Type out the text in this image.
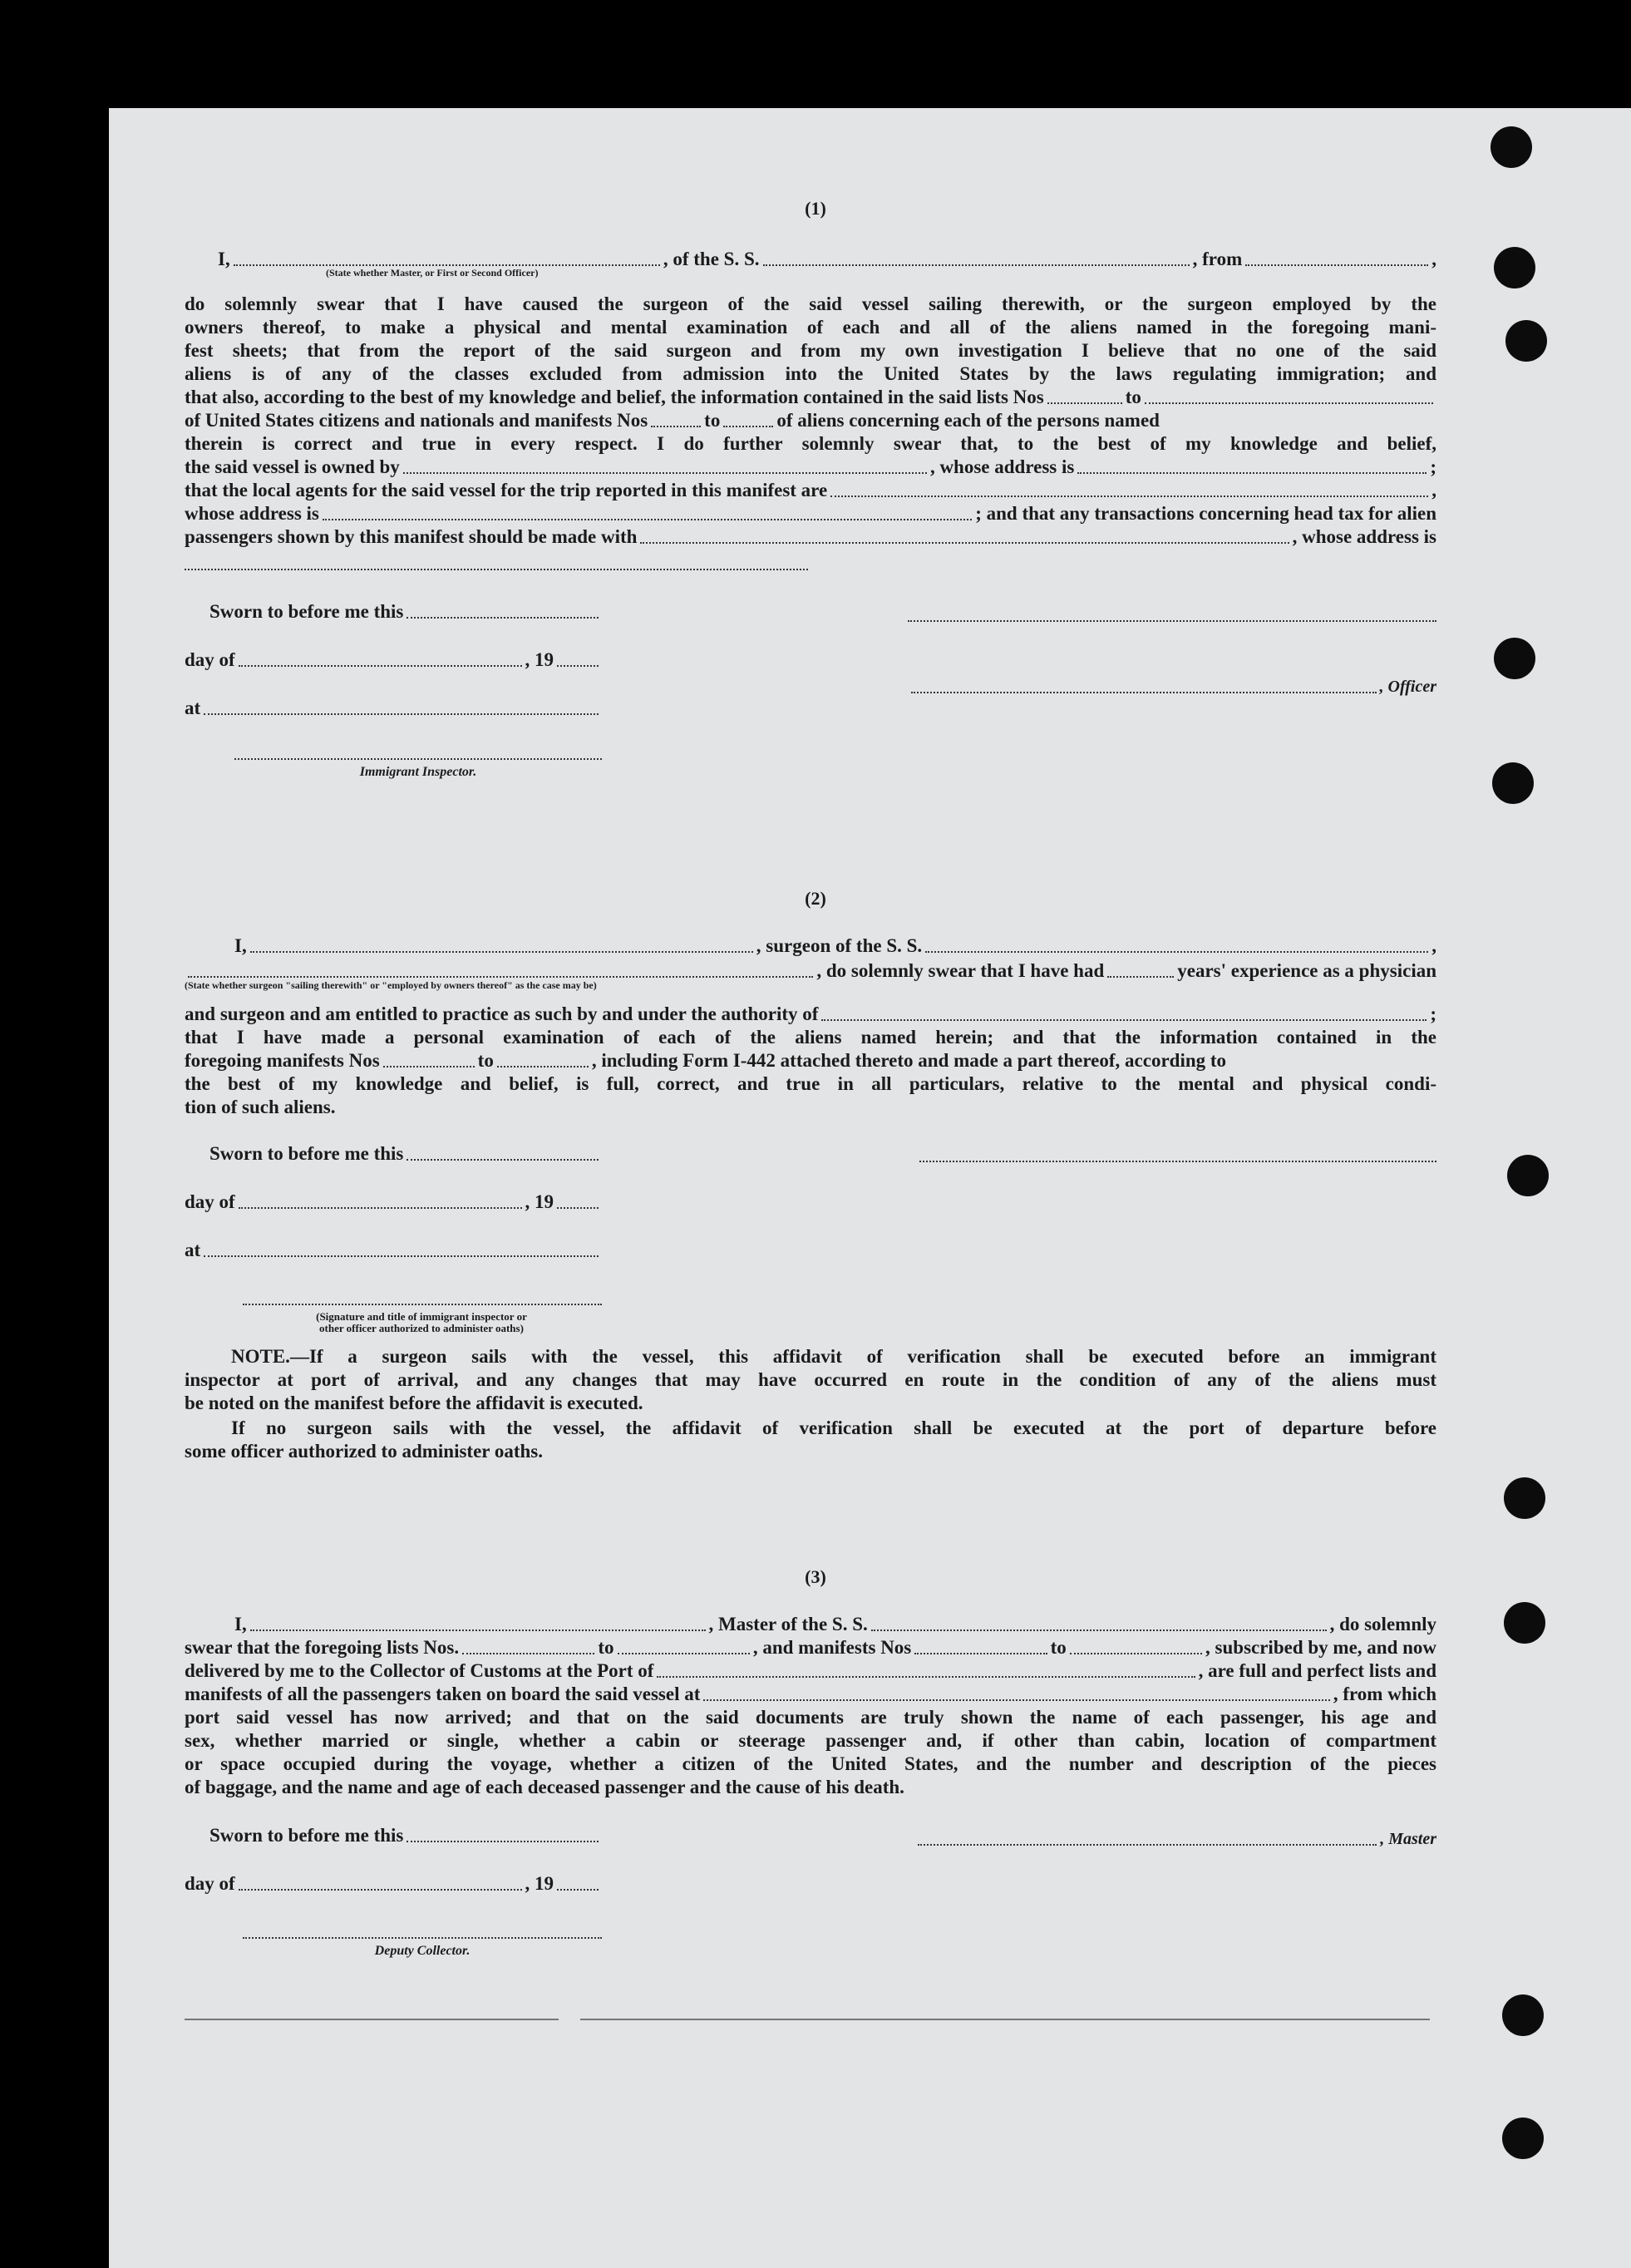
(1)
I,	, of the S. S.	, from	,
(State whether Master, or First or Second Officer)
do solemnly swear that I have caused the surgeon of the said vessel sailing therewith, or the surgeon employed by the
owners thereof, to make a physical and mental examination of each and all of the aliens named in the foregoing mani-
fest sheets; that from the report of the said surgeon and from my own investigation I believe that no one of the said
aliens is of any of the classes excluded from admission into the United States by the laws regulating immigration; and
that also, according to the best of my knowledge and belief, the information contained in the said lists Nos	to
of United States citizens and nationals and manifests Nos	to	of aliens concerning each of the persons named
therein is correct and true in every respect. I do further solemnly swear that, to the best of my knowledge and belief,
the said vessel is owned by	, whose address is	;
that the local agents for the said vessel for the trip reported in this manifest are	,
whose address is	; and that any transactions concerning head tax for alien
passengers shown by this manifest should be made with	, whose address is
Sworn to before me this
day of	, 19
, Officer
at
Immigrant Inspector.
(2)
I,	, surgeon of the S. S.	,
, do solemnly swear that I have had	years' experience as a physician
(State whether surgeon "sailing therewith" or "employed by owners thereof" as the case may be)
and surgeon and am entitled to practice as such by and under the authority of	;
that I have made a personal examination of each of the aliens named herein; and that the information contained in the
foregoing manifests Nos	to	, including Form I-442 attached thereto and made a part thereof, according to
the best of my knowledge and belief, is full, correct, and true in all particulars, relative to the mental and physical condi-
tion of such aliens.
Sworn to before me this
day of	, 19
at
(Signature and title of immigrant inspector or
other officer authorized to administer oaths)
NOTE.—If a surgeon sails with the vessel, this affidavit of verification shall be executed before an immigrant
inspector at port of arrival, and any changes that may have occurred en route in the condition of any of the aliens must
be noted on the manifest before the affidavit is executed.
If no surgeon sails with the vessel, the affidavit of verification shall be executed at the port of departure before
some officer authorized to administer oaths.
(3)
I,	, Master of the S. S.	, do solemnly
swear that the foregoing lists Nos.	to	, and manifests Nos	to	, subscribed by me, and now
delivered by me to the Collector of Customs at the Port of	, are full and perfect lists and
manifests of all the passengers taken on board the said vessel at	, from which
port said vessel has now arrived; and that on the said documents are truly shown the name of each passenger, his age and
sex, whether married or single, whether a cabin or steerage passenger and, if other than cabin, location of compartment
or space occupied during the voyage, whether a citizen of the United States, and the number and description of the pieces
of baggage, and the name and age of each deceased passenger and the cause of his death.
Sworn to before me this	, Master
day of	, 19
Deputy Collector.
